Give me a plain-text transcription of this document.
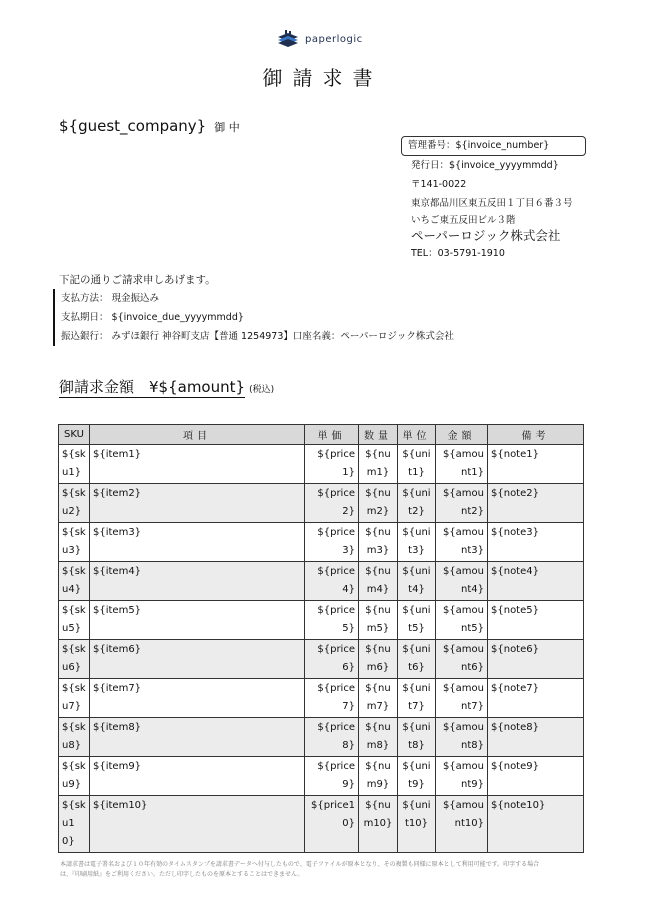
paperlogic
御請求書
${guest_company} 御 中
管理番号：${invoice_number}
発行日：${invoice_yyyymmdd}
〒141-0022
東京都品川区東五反田１丁目６番３号
いちご東五反田ビル３階
ペーパーロジック株式会社
TEL：03-5791-1910
下記の通りご請求申しあげます。
支払方法： 現金振込み
支払期日： ${invoice_due_yyyymmdd}
振込銀行： みずほ銀行 神谷町支店【普通 1254973】口座名義：ペーパーロジック株式会社
御請求金額　¥${amount} (税込)
SKU	項目	単価	数量	単位	金額	備考
${sku1}	${item1}	${price1}	${num1}	${unit1}	${amount1}	${note1}
${sku2}	${item2}	${price2}	${num2}	${unit2}	${amount2}	${note2}
${sku3}	${item3}	${price3}	${num3}	${unit3}	${amount3}	${note3}
${sku4}	${item4}	${price4}	${num4}	${unit4}	${amount4}	${note4}
${sku5}	${item5}	${price5}	${num5}	${unit5}	${amount5}	${note5}
${sku6}	${item6}	${price6}	${num6}	${unit6}	${amount6}	${note6}
${sku7}	${item7}	${price7}	${num7}	${unit7}	${amount7}	${note7}
${sku8}	${item8}	${price8}	${num8}	${unit8}	${amount8}	${note8}
${sku9}	${item9}	${price9}	${num9}	${unit9}	${amount9}	${note9}
${sku10}	${item10}	${price10}	${num10}	${unit10}	${amount10}	${note10}
本請求書は電子署名および１０年有効のタイムスタンプを請求書データへ付与したもので、電子ファイルが原本となり、その複製も同様に原本として利用可能です。印字する場合
は、『印刷用紙』をご利用ください。ただし印字したものを原本とすることはできません。
